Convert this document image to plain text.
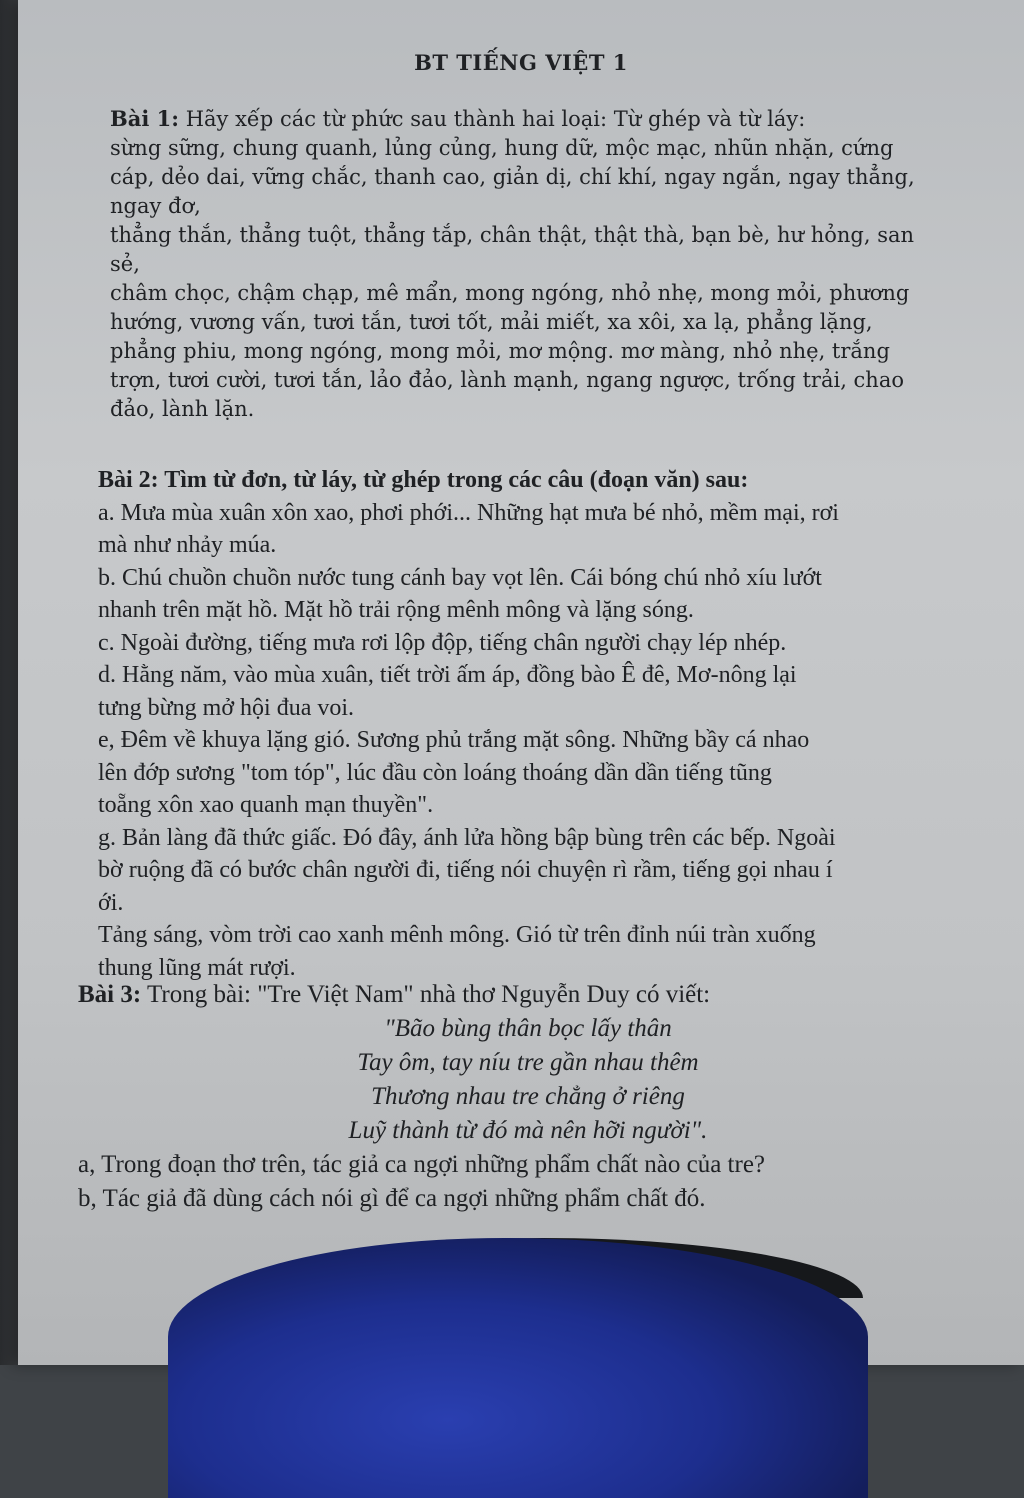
BT TIẾNG VIỆT 1
Bài 1: Hãy xếp các từ phức sau thành hai loại: Từ ghép và từ láy:
sừng sững, chung quanh, lủng củng, hung dữ, mộc mạc, nhũn nhặn, cứng
cáp, dẻo dai, vững chắc, thanh cao, giản dị, chí khí, ngay ngắn, ngay thẳng,
ngay đơ,
thẳng thắn, thẳng tuột, thẳng tắp, chân thật, thật thà, bạn bè, hư hỏng, san
sẻ,
châm chọc, chậm chạp, mê mẩn, mong ngóng, nhỏ nhẹ, mong mỏi, phương
hướng, vương vấn, tươi tắn, tươi tốt, mải miết, xa xôi, xa lạ, phẳng lặng,
phẳng phiu, mong ngóng, mong mỏi, mơ mộng. mơ màng, nhỏ nhẹ, trắng
trợn, tươi cười, tươi tắn, lảo đảo, lành mạnh, ngang ngược, trống trải, chao
đảo, lành lặn.
Bài 2: Tìm từ đơn, từ láy, từ ghép trong các câu (đoạn văn) sau:
a. Mưa mùa xuân xôn xao, phơi phới... Những hạt mưa bé nhỏ, mềm mại, rơi
mà như nhảy múa.
b. Chú chuồn chuồn nước tung cánh bay vọt lên. Cái bóng chú nhỏ xíu lướt
nhanh trên mặt hồ. Mặt hồ trải rộng mênh mông và lặng sóng.
c. Ngoài đường, tiếng mưa rơi lộp độp, tiếng chân người chạy lép nhép.
d. Hằng năm, vào mùa xuân, tiết trời ấm áp, đồng bào Ê đê, Mơ-nông lại
tưng bừng mở hội đua voi.
e, Đêm về khuya lặng gió. Sương phủ trắng mặt sông. Những bầy cá nhao
lên đớp sương "tom tóp", lúc đầu còn loáng thoáng dần dần tiếng tũng
toẵng xôn xao quanh mạn thuyền".
g. Bản làng đã thức giấc. Đó đây, ánh lửa hồng bập bùng trên các bếp. Ngoài
bờ ruộng đã có bước chân người đi, tiếng nói chuyện rì rầm, tiếng gọi nhau í
ới.
Tảng sáng, vòm trời cao xanh mênh mông. Gió từ trên đỉnh núi tràn xuống
thung lũng mát rượi.
Bài 3: Trong bài: "Tre Việt Nam" nhà thơ Nguyễn Duy có viết:
"Bão bùng thân bọc lấy thân
Tay ôm, tay níu tre gần nhau thêm
Thương nhau tre chẳng ở riêng
Luỹ thành từ đó mà nên hỡi người".
a, Trong đoạn thơ trên, tác giả ca ngợi những phẩm chất nào của tre?
b, Tác giả đã dùng cách nói gì để ca ngợi những phẩm chất đó.
